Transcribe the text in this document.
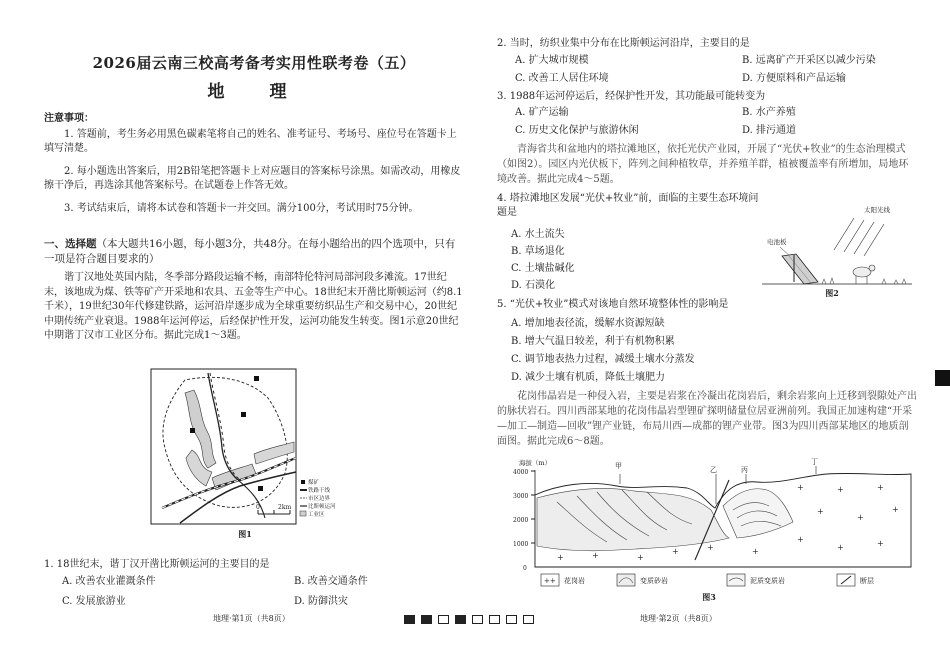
2026届云南三校高考备考实用性联考卷（五）
地　理
注意事项：
1. 答题前，考生务必用黑色碳素笔将自己的姓名、准考证号、考场号、座位号在答题卡上填写清楚。
2. 每小题选出答案后，用2B铅笔把答题卡上对应题目的答案标号涂黑。如需改动，用橡皮擦干净后，再选涂其他答案标号。在试题卷上作答无效。
3. 考试结束后，请将本试卷和答题卡一并交回。满分100分，考试用时75分钟。
一、选择题（本大题共16小题，每小题3分，共48分。在每小题给出的四个选项中，只有一项是符合题目要求的）
谐丁汉地处英国内陆，冬季部分路段运输不畅，南部特伦特河局部河段多滩流。17世纪末，该地成为煤、铁等矿产开采地和农具、五金等生产中心。18世纪末开凿比斯顿运河（约8.1千米），19世纪30年代修建铁路，运河沿岸逐步成为全球重要纺织品生产和交易中心，20世纪中期传统产业衰退。1988年运河停运，后经保护性开发，运河功能发生转变。图1示意20世纪中期谐丁汉市工业区分布。据此完成1～3题。
0	2km
煤矿
铁路干线
市区边界
比斯顿运河
工业区
图1
1. 18世纪末，谐丁汉开凿比斯顿运河的主要目的是
A. 改善农业灌溉条件	B. 改善交通条件
C. 发展旅游业	D. 防御洪灾
2. 当时，纺织业集中分布在比斯顿运河沿岸，主要目的是
A. 扩大城市规模	B. 远离矿产开采区以减少污染
C. 改善工人居住环境	D. 方便原料和产品运输
3. 1988年运河停运后，经保护性开发，其功能最可能转变为
A. 矿产运输	B. 水产养殖
C. 历史文化保护与旅游休闲	D. 排污通道
青海省共和盆地内的塔拉滩地区，依托光伏产业园，开展了“光伏+牧业”的生态治理模式（如图2）。园区内光伏板下，阵列之间种植牧草，并养殖羊群，植被覆盖率有所增加，局地环境改善。据此完成4～5题。
4. 塔拉滩地区发展“光伏+牧业”前，面临的主要生态环境问题是
A. 水土流失
B. 草场退化
C. 土壤盐碱化
D. 石漠化
太阳光线
电池板
图2
5. “光伏+牧业”模式对该地自然环境整体性的影响是
A. 增加地表径流，缓解水资源短缺
B. 增大气温日较差，利于有机物积累
C. 调节地表热力过程，减缓土壤水分蒸发
D. 减少土壤有机质，降低土壤肥力
花岗伟晶岩是一种侵入岩，主要是岩浆在冷凝出花岗岩后，剩余岩浆向上迁移到裂隙处产出的脉状岩石。四川西部某地的花岗伟晶岩型锂矿探明储量位居亚洲前列。我国正加速构建“开采—加工—制造—回收”锂产业链，布局川西—成都的锂产业带。图3为四川西部某地区的地质剖面图。据此完成6～8题。
海拔（m）
4000
3000
2000
1000
0
甲	乙	丙
丁
+	+	+
+	+	+
+	+	+
+
+
+
+
+	+
++ 花岗岩	变质砂岩	泥质变质岩	断层
图3
地理·第1页（共8页）	地理·第2页（共8页）
